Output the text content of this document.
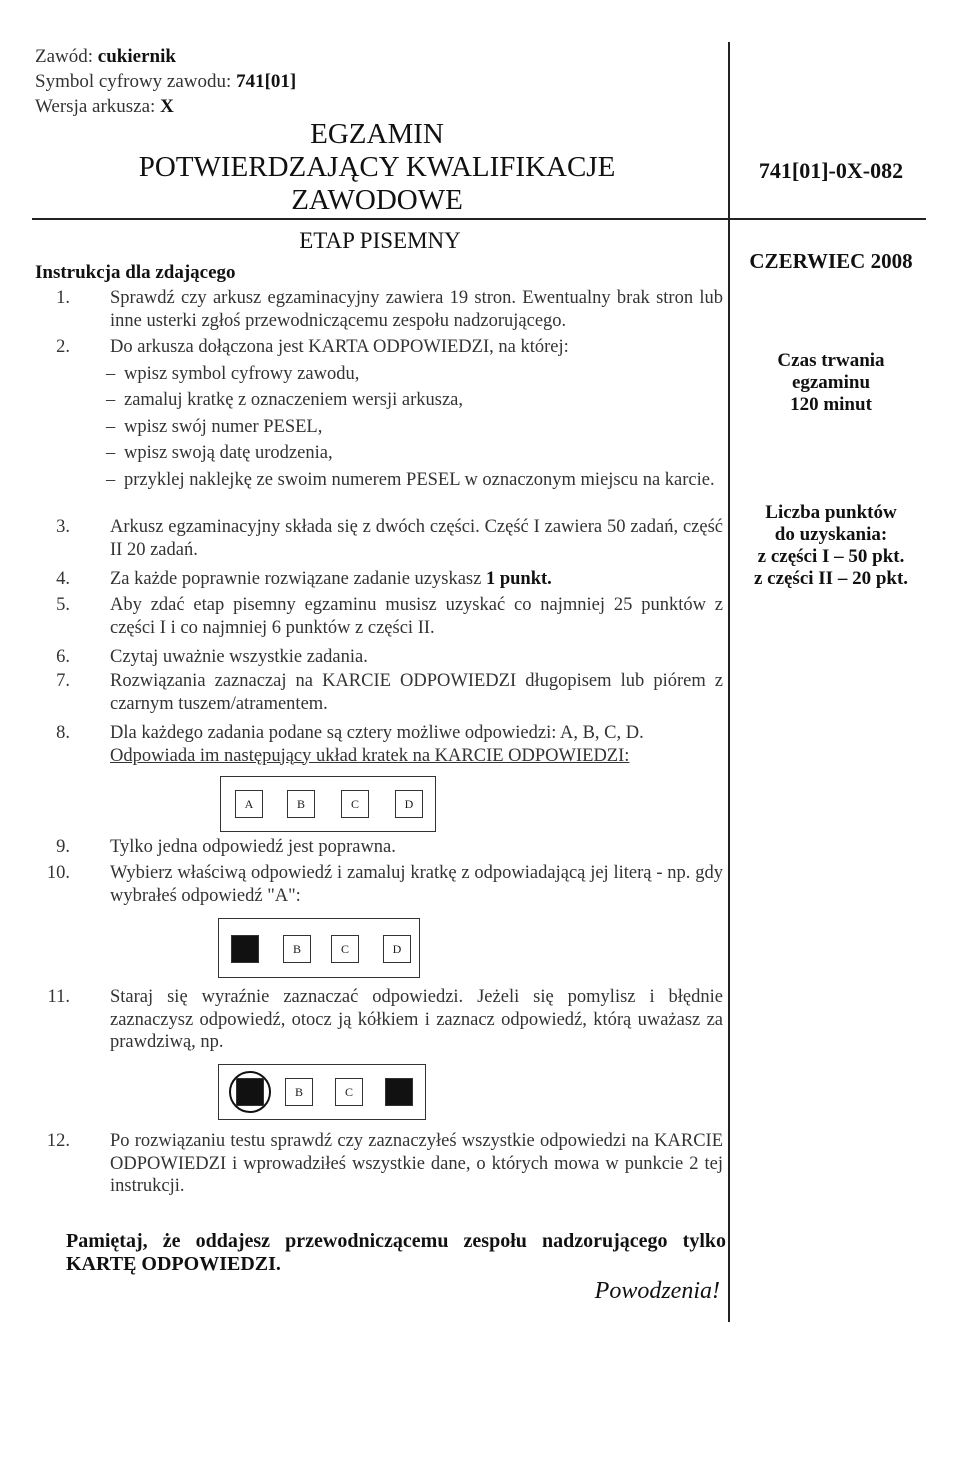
Zawód: cukiernik
Symbol cyfrowy zawodu: 741[01]
Wersja arkusza: X
EGZAMIN
POTWIERDZAJĄCY KWALIFIKACJE
ZAWODOWE
ETAP PISEMNY
741[01]-0X-082
CZERWIEC 2008
Czas trwania
egzaminu
120 minut
Liczba punktów
do uzyskania:
z części I – 50 pkt.
z części II – 20 pkt.
Instrukcja dla zdającego
1. Sprawdź czy arkusz egzaminacyjny zawiera 19 stron. Ewentualny brak stron lub inne usterki zgłoś przewodniczącemu zespołu nadzorującego.
2. Do arkusza dołączona jest KARTA ODPOWIEDZI, na której:
– wpisz symbol cyfrowy zawodu,
– zamaluj kratkę z oznaczeniem wersji arkusza,
– wpisz swój numer PESEL,
– wpisz swoją datę urodzenia,
– przyklej naklejkę ze swoim numerem PESEL w oznaczonym miejscu na karcie.
3. Arkusz egzaminacyjny składa się z dwóch części. Część I zawiera 50 zadań, część II 20 zadań.
4. Za każde poprawnie rozwiązane zadanie uzyskasz 1 punkt.
5. Aby zdać etap pisemny egzaminu musisz uzyskać co najmniej 25 punktów z części I i co najmniej 6 punktów z części II.
6. Czytaj uważnie wszystkie zadania.
7. Rozwiązania zaznaczaj na KARCIE ODPOWIEDZI długopisem lub piórem z czarnym tuszem/atramentem.
8. Dla każdego zadania podane są cztery możliwe odpowiedzi: A, B, C, D.
Odpowiada im następujący układ kratek na KARCIE ODPOWIEDZI:
A	B	C	D
9. Tylko jedna odpowiedź jest poprawna.
10. Wybierz właściwą odpowiedź i zamaluj kratkę z odpowiadającą jej literą - np. gdy wybrałeś odpowiedź "A":
B	C	D
11. Staraj się wyraźnie zaznaczać odpowiedzi. Jeżeli się pomylisz i błędnie zaznaczysz odpowiedź, otocz ją kółkiem i zaznacz odpowiedź, którą uważasz za prawdziwą, np.
B	C
12. Po rozwiązaniu testu sprawdź czy zaznaczyłeś wszystkie odpowiedzi na KARCIE ODPOWIEDZI i wprowadziłeś wszystkie dane, o których mowa w punkcie 2 tej instrukcji.
Pamiętaj, że oddajesz przewodniczącemu zespołu nadzorującego tylko KARTĘ ODPOWIEDZI.
Powodzenia!
